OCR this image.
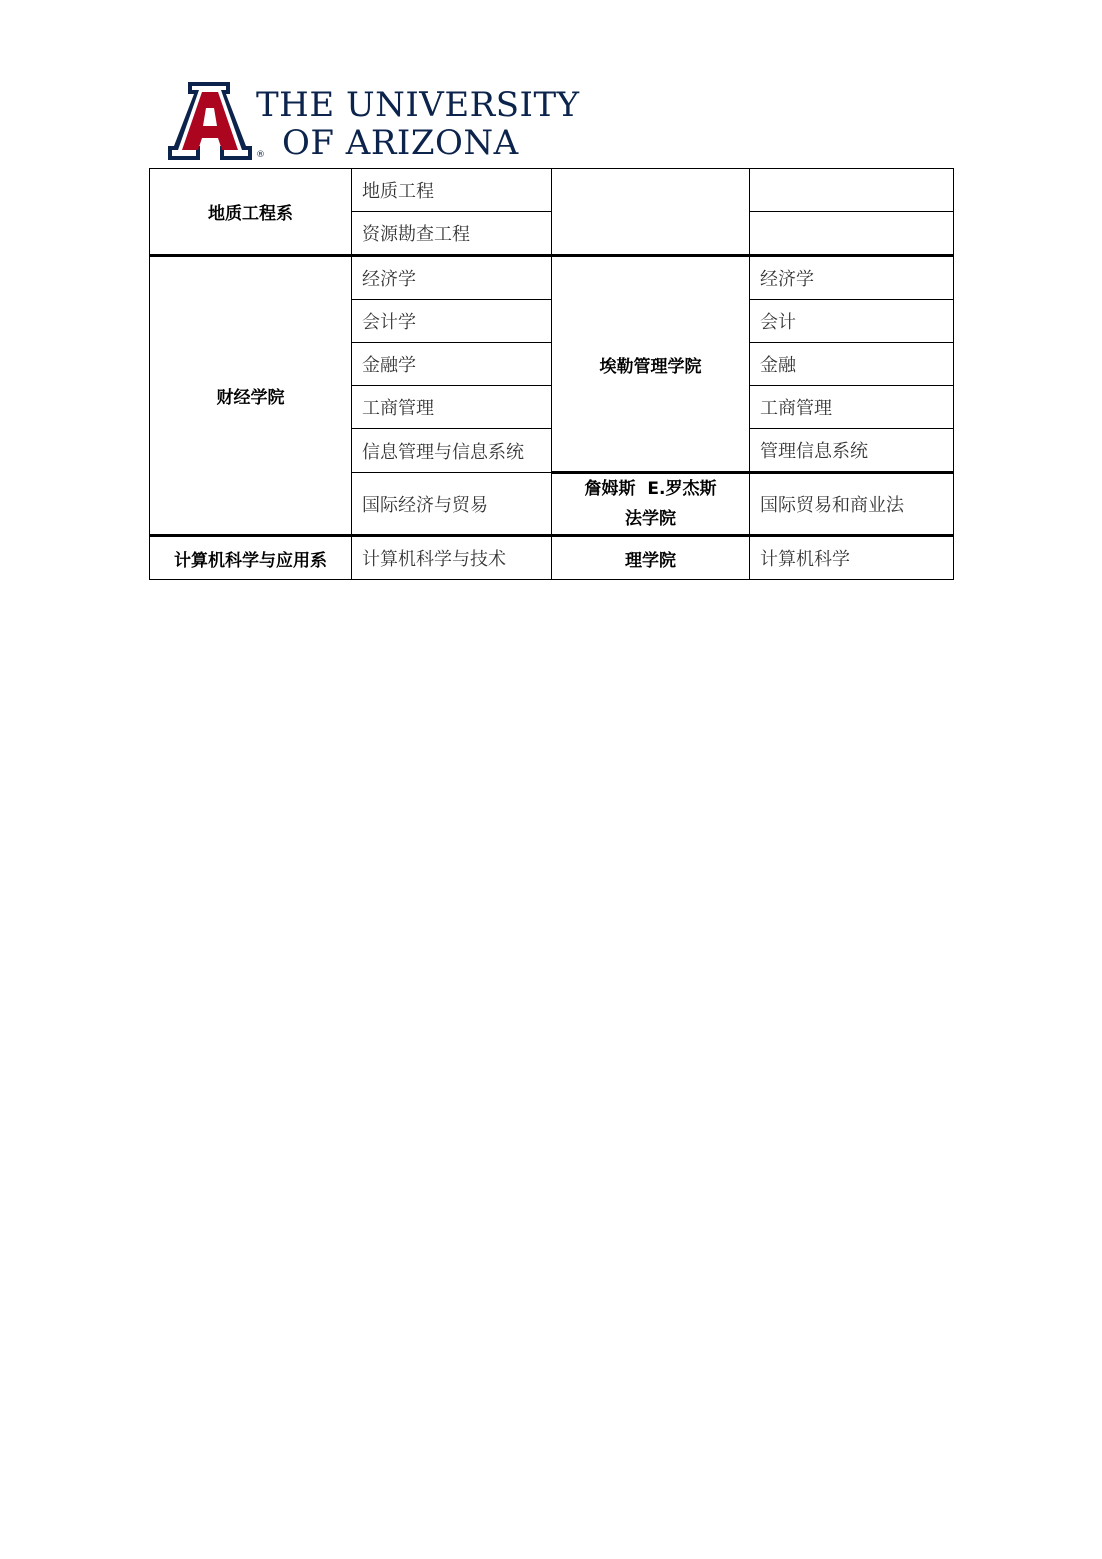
®
THE UNIVERSITY
OF ARIZONA
地质工程系	地质工程		
	资源勘查工程		
财经学院	经济学	埃勒管理学院	经济学
	会计学		会计
	金融学		金融
	工商管理		工商管理
	信息管理与信息系统		管理信息系统
	国际经济与贸易	詹姆斯  E.罗杰斯
法学院	国际贸易和商业法
计算机科学与应用系	计算机科学与技术	理学院	计算机科学
